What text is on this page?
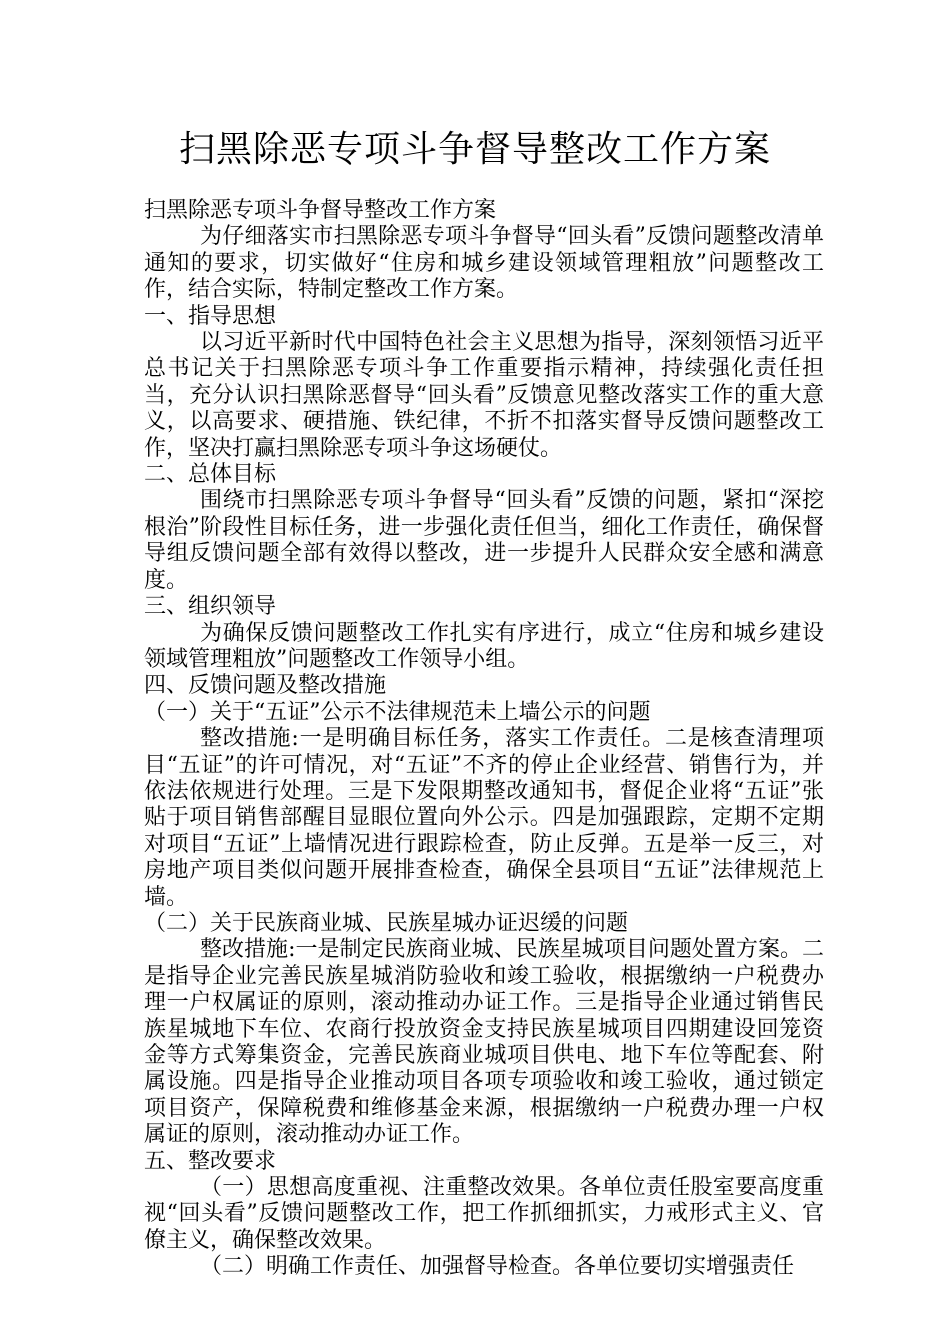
扫黑除恶专项斗争督导整改工作方案

扫黑除恶专项斗争督导整改工作方案

为仔细落实市扫黑除恶专项斗争督导“回头看”反馈问题整改清单通知的要求，切实做好“住房和城乡建设领域管理粗放”问题整改工作，结合实际，特制定整改工作方案。

一、指导思想

以习近平新时代中国特色社会主义思想为指导，深刻领悟习近平总书记关于扫黑除恶专项斗争工作重要指示精神，持续强化责任担当，充分认识扫黑除恶督导“回头看”反馈意见整改落实工作的重大意义，以高要求、硬措施、铁纪律，不折不扣落实督导反馈问题整改工作，坚决打赢扫黑除恶专项斗争这场硬仗。

二、总体目标

围绕市扫黑除恶专项斗争督导“回头看”反馈的问题，紧扣“深挖根治”阶段性目标任务，进一步强化责任但当，细化工作责任，确保督导组反馈问题全部有效得以整改，进一步提升人民群众安全感和满意度。

三、组织领导

为确保反馈问题整改工作扎实有序进行，成立“住房和城乡建设领域管理粗放”问题整改工作领导小组。

四、反馈问题及整改措施

（一）关于“五证”公示不法律规范未上墙公示的问题

整改措施:一是明确目标任务，落实工作责任。二是核查清理项目“五证”的许可情况，对“五证”不齐的停止企业经营、销售行为，并依法依规进行处理。三是下发限期整改通知书，督促企业将“五证”张贴于项目销售部醒目显眼位置向外公示。四是加强跟踪，定期不定期对项目“五证”上墙情况进行跟踪检查，防止反弹。五是举一反三，对房地产项目类似问题开展排查检查，确保全县项目“五证”法律规范上墙。

（二）关于民族商业城、民族星城办证迟缓的问题

整改措施:一是制定民族商业城、民族星城项目问题处置方案。二是指导企业完善民族星城消防验收和竣工验收，根据缴纳一户税费办理一户权属证的原则，滚动推动办证工作。三是指导企业通过销售民族星城地下车位、农商行投放资金支持民族星城项目四期建设回笼资金等方式筹集资金，完善民族商业城项目供电、地下车位等配套、附属设施。四是指导企业推动项目各项专项验收和竣工验收，通过锁定项目资产，保障税费和维修基金来源，根据缴纳一户税费办理一户权属证的原则，滚动推动办证工作。

五、整改要求

（一）思想高度重视、注重整改效果。各单位责任股室要高度重视“回头看”反馈问题整改工作，把工作抓细抓实，力戒形式主义、官僚主义，确保整改效果。

（二）明确工作责任、加强督导检查。各单位要切实增强责任
